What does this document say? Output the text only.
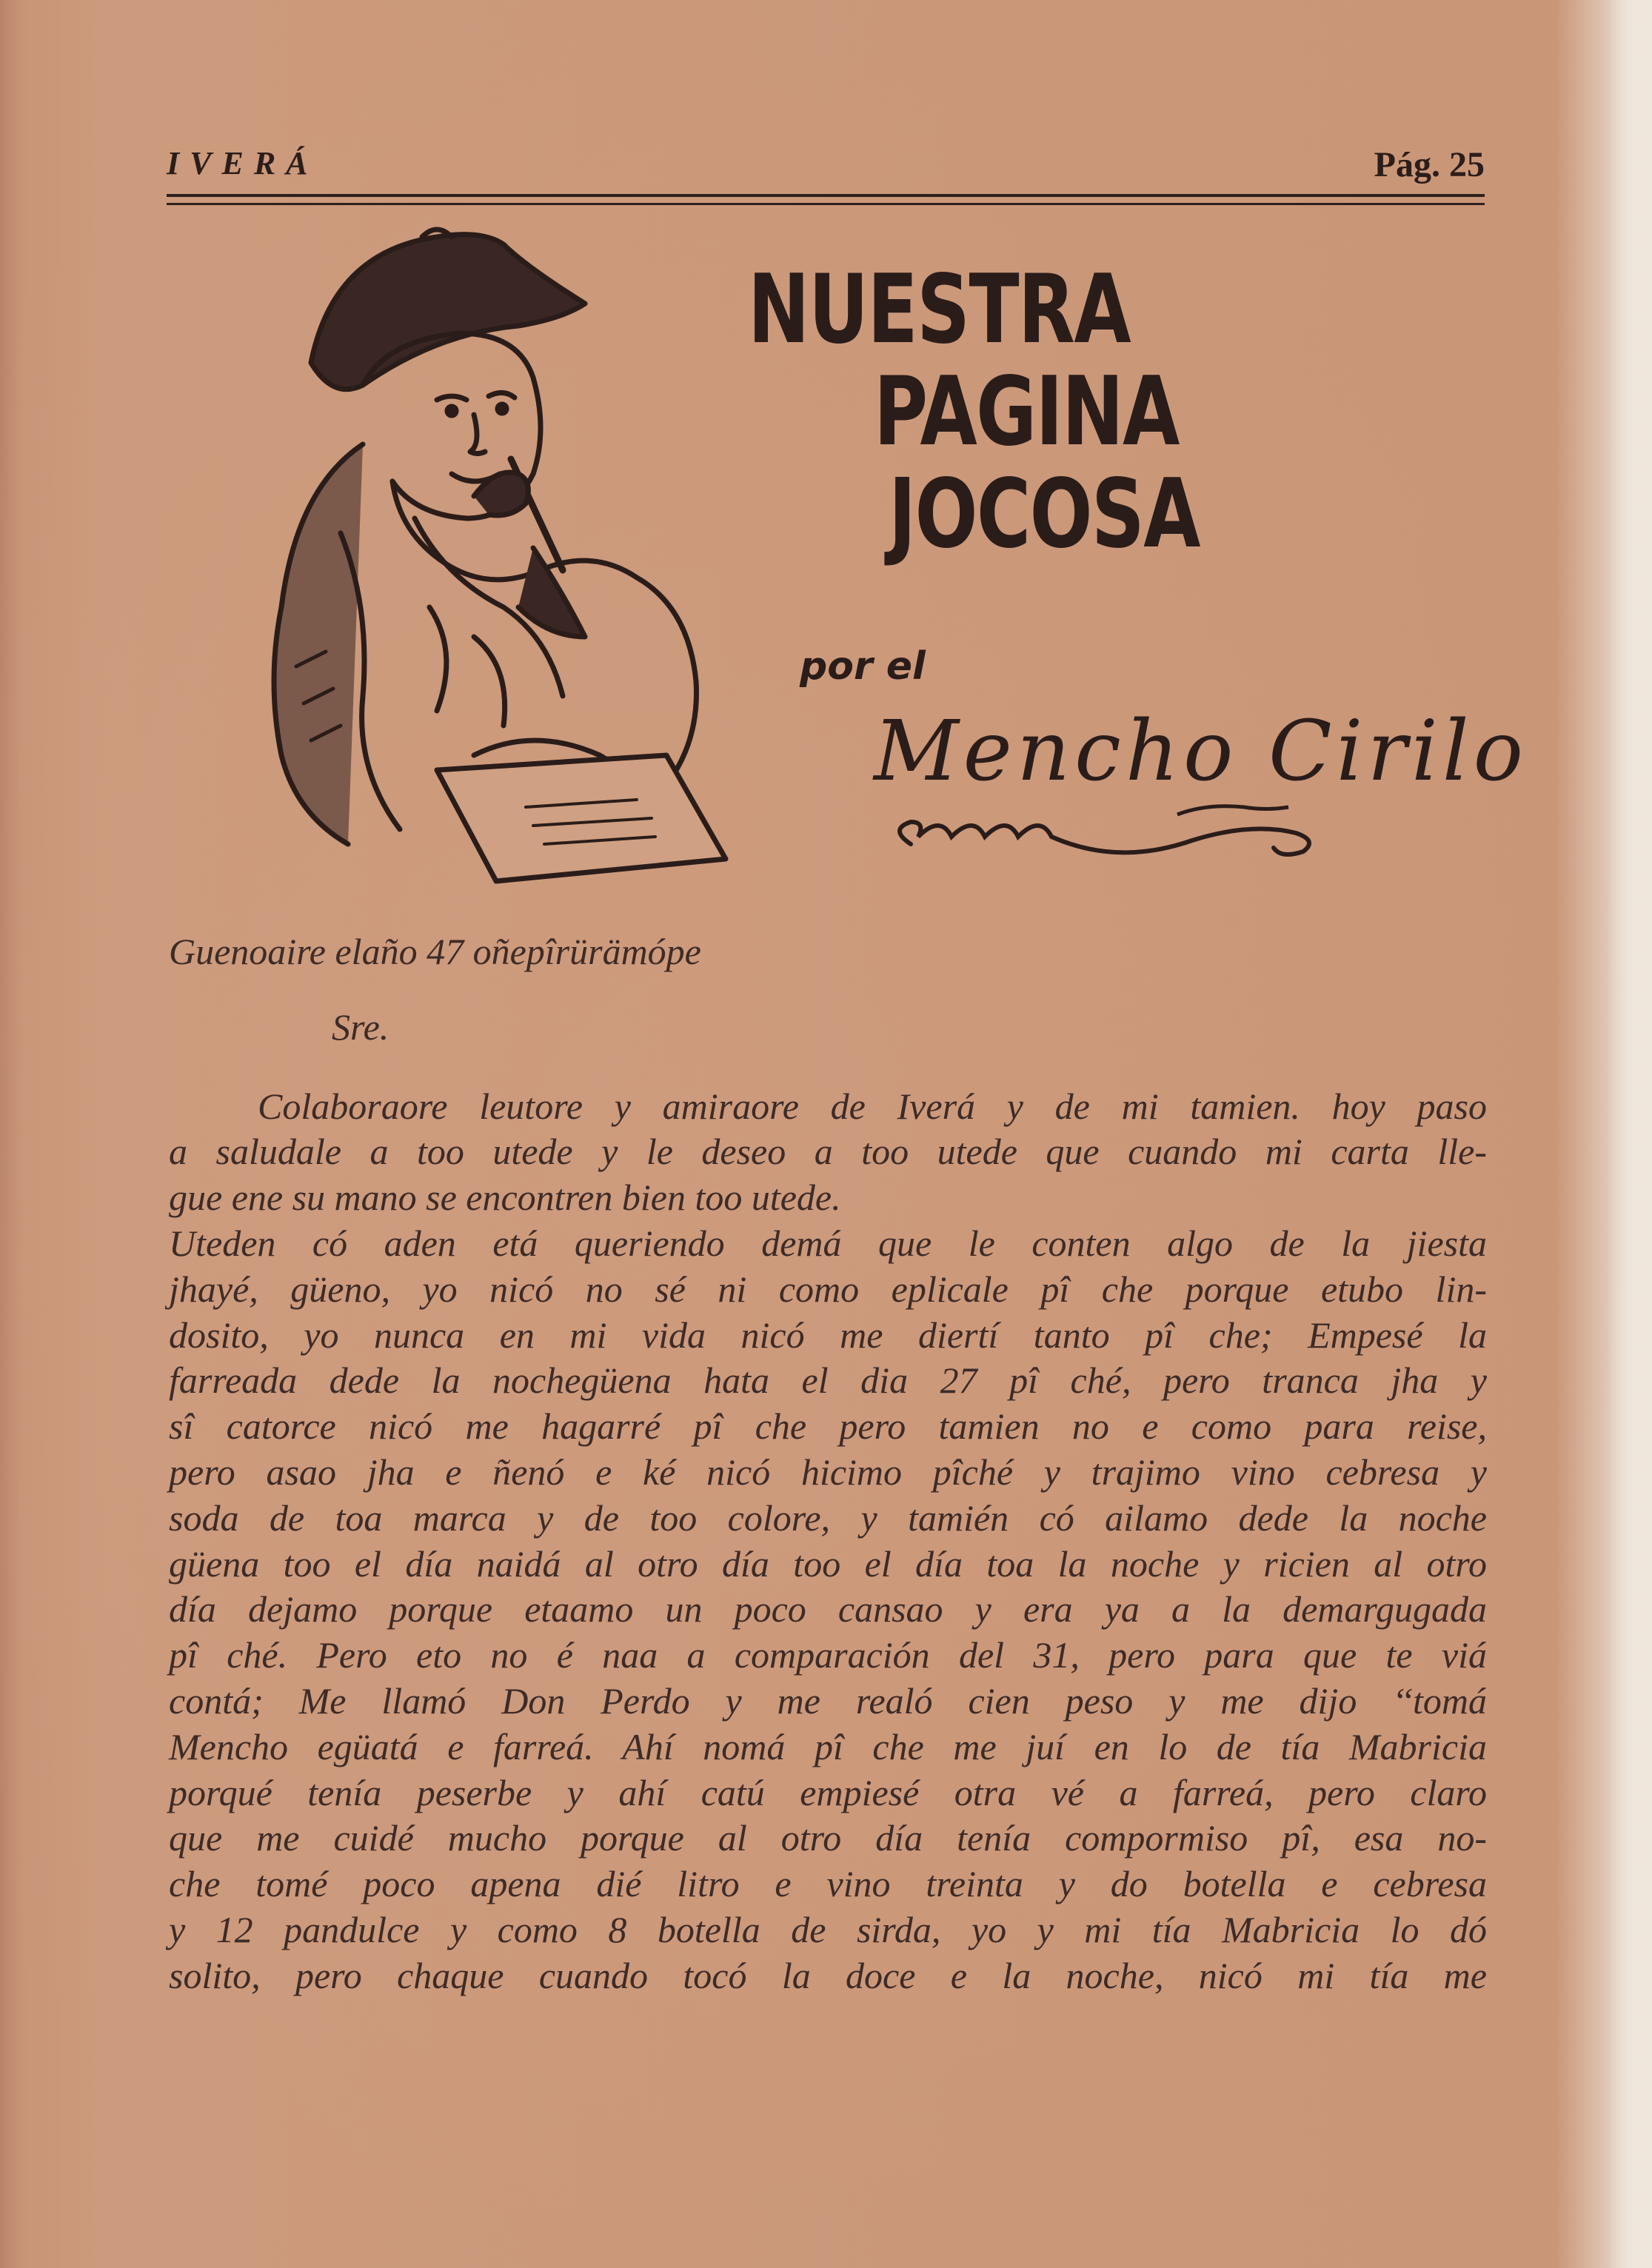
IVERÁ	Pág. 25
NUESTRA
PAGINA
JOCOSA
por el
Mencho Cirilo

Guenoaire elaño 47 oñepîrürämópe

Sre.

Colaboraore leutore y amiraore de Iverá y de mi tamien. hoy paso
a saludale a too utede y le deseo a too utede que cuando mi carta lle-
gue ene su mano se encontren bien too utede.

Uteden có aden etá queriendo demá que le conten algo de la jiesta
jhayé, güeno, yo nicó no sé ni como eplicale pî che porque etubo lin-
dosito, yo nunca en mi vida nicó me diertí tanto pî che; Empesé la
farreada dede la nochegüena hata el dia 27 pî ché, pero tranca jha y
sî catorce nicó me hagarré pî che pero tamien no e como para reise,
pero asao jha e ñenó e ké nicó hicimo pîché y trajimo vino cebresa y
soda de toa marca y de too colore, y tamién có ailamo dede la noche
güena too el día naidá al otro día too el día toa la noche y ricien al otro
día dejamo porque etaamo un poco cansao y era ya a la demargugada
pî ché. Pero eto no é naa a comparación del 31, pero para que te viá
contá; Me llamó Don Perdo y me realó cien peso y me dijo ‘‘tomá
Mencho egüatá e farreá. Ahí nomá pî che me juí en lo de tía Mabricia
porqué tenía peserbe y ahí catú empiesé otra vé a farreá, pero claro
que me cuidé mucho porque al otro día tenía compormiso pî, esa no-
che tomé poco apena dié litro e vino treinta y do botella e cebresa
y 12 pandulce y como 8 botella de sirda, yo y mi tía Mabricia lo dó
solito, pero chaque cuando tocó la doce e la noche, nicó mi tía me
